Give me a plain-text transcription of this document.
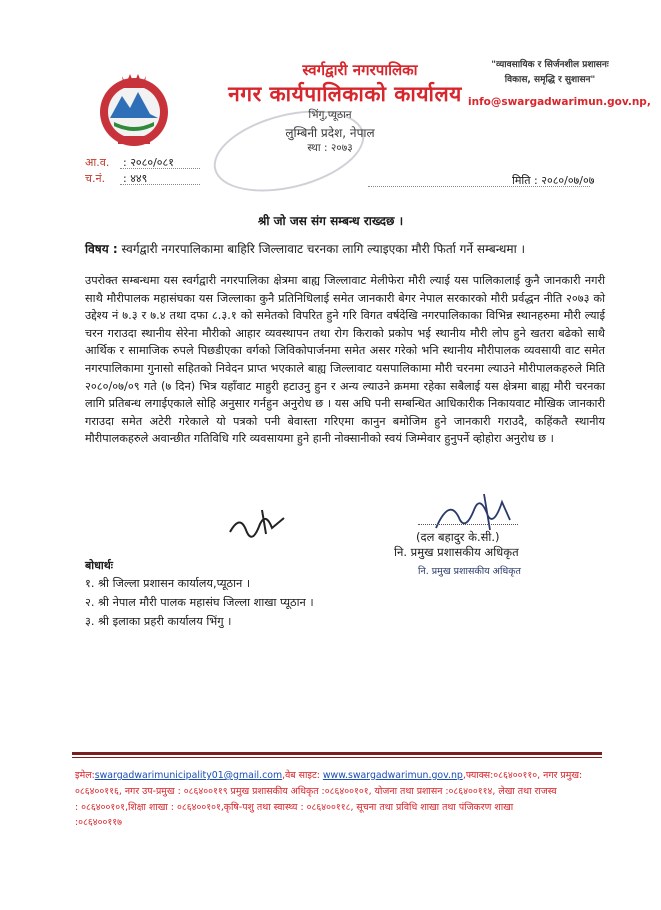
स्वर्गद्वारी नगरपालिका
नगर कार्यपालिकाको कार्यालय
भिंगु,प्यूठान
लुम्बिनी प्रदेश, नेपाल
स्था : २०७३
"व्यावसायिक र सिर्जनशील प्रशासनः
विकास, समृद्धि र सुशासन"
info@swargadwarimun.gov.np,
आ.व. : २०८०/०८१
च.नं. : ४४९	मिति : २०८०/०७/०७
श्री जो जस संग सम्बन्ध राख्दछ ।
विषय : स्वर्गद्वारी नगरपालिकामा बाहिरि जिल्लावाट चरनका लागि ल्याइएका मौरी फिर्ता गर्ने सम्बन्धमा ।
उपरोक्त सम्बन्धमा यस स्वर्गद्वारी नगरपालिका क्षेत्रमा बाह्य जिल्लावाट मेलीफेरा मौरी ल्याई यस पालिकालाई कुनै जानकारी नगरी साथै मौरीपालक महासंघका यस जिल्लाका कुनै प्रतिनिधिलाई समेत जानकारी बेगर नेपाल सरकारको मौरी प्रर्वद्धन नीति २०७३ को उद्देश्य नं ७.३ र ७.४ तथा दफा ८.३.१ को समेतको विपरित हुने गरि विगत वर्षदेखि नगरपालिकाका विभिन्न स्थानहरुमा मौरी ल्याई चरन गराउदा स्थानीय सेरेना मौरीको आहार व्यवस्थापन तथा रोग किराको प्रकोप भई स्थानीय मौरी लोप हुने खतरा बढेको साथै आर्थिक र सामाजिक रुपले पिछडीएका वर्गको जिविकोपार्जनमा समेत असर गरेको भनि स्थानीय मौरीपालक व्यवसायी वाट समेत नगरपालिकामा गुनासो सहितको निवेदन प्राप्त भएकाले बाह्य जिल्लावाट यसपालिकामा मौरी चरनमा ल्याउने मौरीपालकहरुले मिति २०८०/०७/०९ गते (७ दिन) भित्र यहाँवाट माहुरी हटाउनु हुन र अन्य ल्याउने क्रममा रहेका सबैलाई यस क्षेत्रमा बाह्य मौरी चरनका लागि प्रतिबन्ध लगाईएकाले सोहि अनुसार गर्नहुन अनुरोध छ । यस अघि पनी सम्बन्धित आधिकारीक निकायवाट मौखिक जानकारी गराउदा समेत अटेरी गरेकाले यो पत्रको पनी बेवास्ता गरिएमा कानुन बमोजिम हुने जानकारी गराउदै, कहिंकतै स्थानीय मौरीपालकहरुले अवान्छीत गतिविधि गरि व्यवसायमा हुने हानी नोक्सानीको स्वयं जिम्मेवार हुनुपर्ने व्होहोरा अनुरोध छ ।
(दल बहादुर के.सी.)
नि. प्रमुख प्रशासकीय अधिकृत
नि. प्रमुख प्रशासकीय अधिकृत
बोधार्थः
१. श्री जिल्ला प्रशासन कार्यालय,प्यूठान ।
२. श्री नेपाल मौरी पालक महासंघ जिल्ला शाखा प्यूठान ।
३. श्री इलाका प्रहरी कार्यालय भिंगु ।
इमेल:swargadwarimunicipality01@gmail.com,वेब साइट: www.swargadwarimun.gov.np,फ्याक्स:०८६४००११०, नगर प्रमुख:
०८६४००११६, नगर उप-प्रमुख : ०८६४००११९ प्रमुख प्रशासकीय अधिकृत :०८६४००१०१, योजना तथा प्रशासन :०८६४००११४, लेखा तथा राजस्व
: ०८६४००१०१,शिक्षा शाखा : ०८६४००१०१,कृषि-पशु तथा स्वास्थ्य : ०८६४००११८, सूचना तथा प्रविधि शाखा तथा पंजिकरण शाखा
:०८६४००११७
